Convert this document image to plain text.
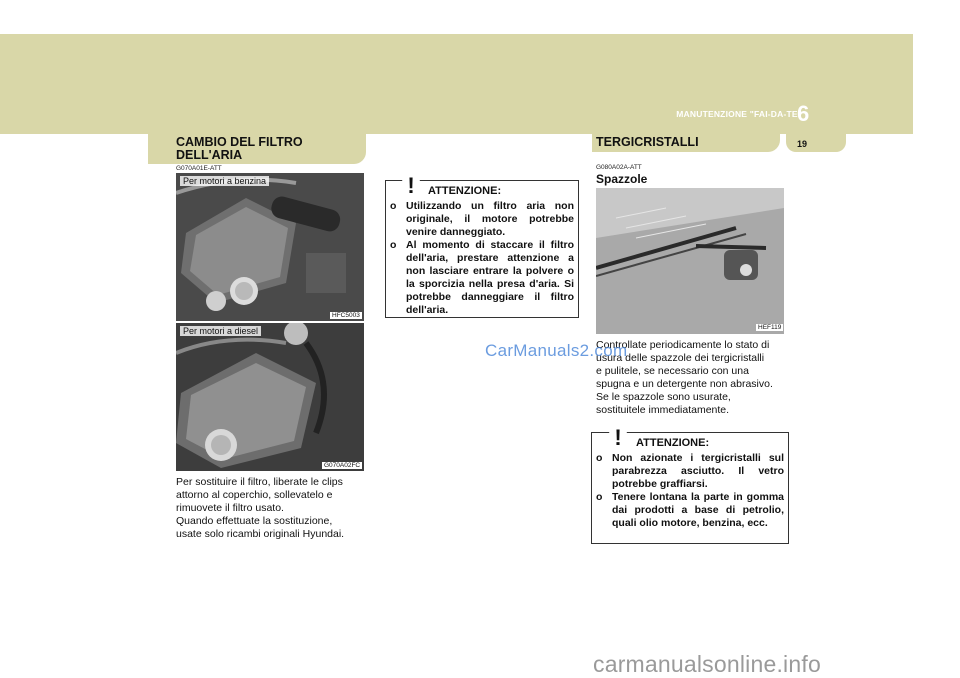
MANUTENZIONE "FAI-DA-TE"
6
19
CAMBIO DEL FILTRO
DELL'ARIA
G070A01E-ATT
Per motori a benzina
HFC5003
Per motori a diesel
G070A02FC
Per sostituire il filtro, liberate le clips
attorno al coperchio, sollevatelo e
rimuovete il filtro usato.
Quando effettuate la sostituzione,
usate solo ricambi originali Hyundai.
! ATTENZIONE:
o Utilizzando un filtro aria non originale, il motore potrebbe venire danneggiato.
o Al momento di staccare il filtro dell'aria, prestare attenzione a non lasciare entrare la polvere o la sporcizia nella presa d'aria. Si potrebbe danneggiare il filtro dell'aria.
TERGICRISTALLI
G080A02A-ATT
Spazzole
HEF119
Controllate periodicamente lo stato di
usura delle spazzole dei tergicristalli
e pulitele, se necessario con una
spugna e un detergente non abrasivo.
Se le spazzole sono usurate,
sostituitele immediatamente.
! ATTENZIONE:
o Non azionate i tergicristalli sul parabrezza asciutto. Il vetro potrebbe graffiarsi.
o Tenere lontana la parte in gomma dai prodotti a base di petrolio, quali olio motore, benzina, ecc.
CarManuals2.com
carmanualsonline.info
